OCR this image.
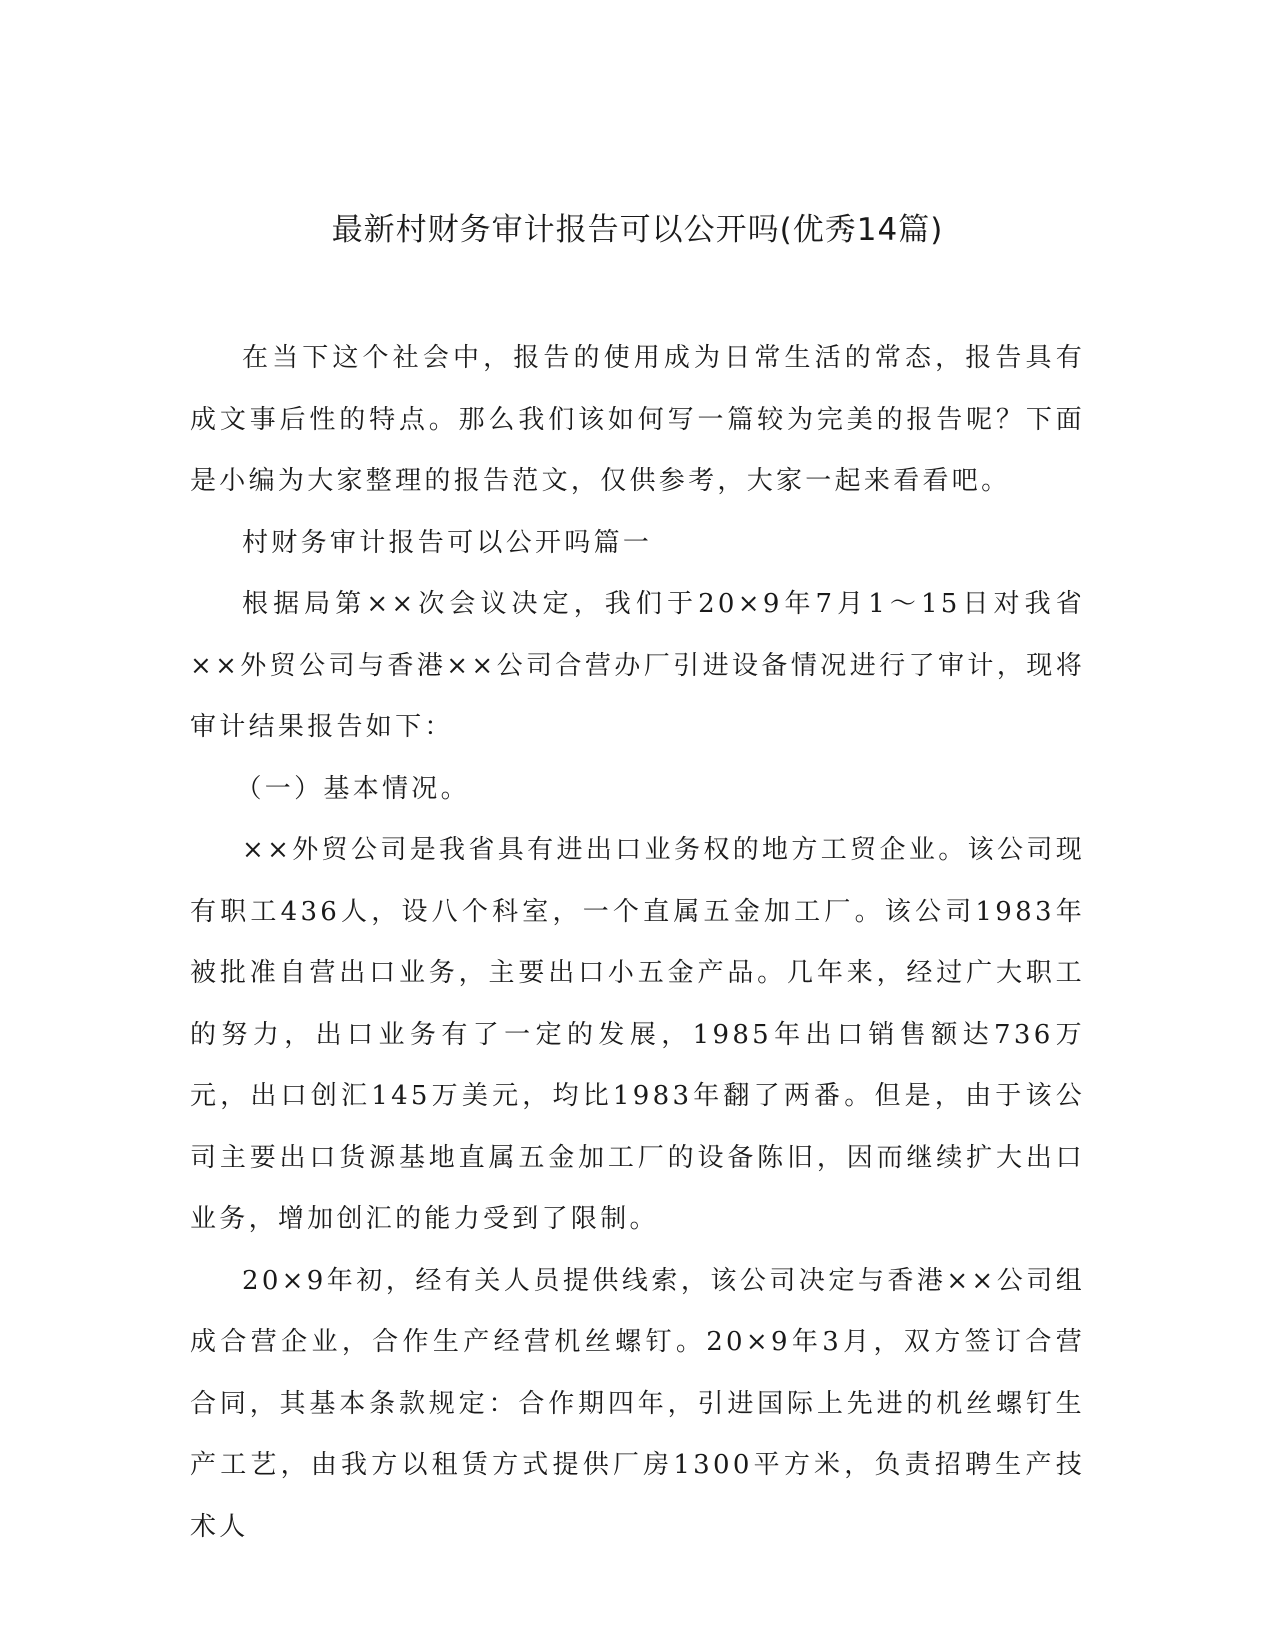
最新村财务审计报告可以公开吗(优秀14篇)

在当下这个社会中，报告的使用成为日常生活的常态，报告具有成文事后性的特点。那么我们该如何写一篇较为完美的报告呢？下面是小编为大家整理的报告范文，仅供参考，大家一起来看看吧。

村财务审计报告可以公开吗篇一

根据局第××次会议决定，我们于20×9年7月1～15日对我省××外贸公司与香港××公司合营办厂引进设备情况进行了审计，现将审计结果报告如下：

（一）基本情况。

××外贸公司是我省具有进出口业务权的地方工贸企业。该公司现有职工436人，设八个科室，一个直属五金加工厂。该公司1983年被批准自营出口业务，主要出口小五金产品。几年来，经过广大职工的努力，出口业务有了一定的发展，1985年出口销售额达736万元，出口创汇145万美元，均比1983年翻了两番。但是，由于该公司主要出口货源基地直属五金加工厂的设备陈旧，因而继续扩大出口业务，增加创汇的能力受到了限制。

20×9年初，经有关人员提供线索，该公司决定与香港××公司组成合营企业，合作生产经营机丝螺钉。20×9年3月，双方签订合营合同，其基本条款规定：合作期四年，引进国际上先进的机丝螺钉生产工艺，由我方以租赁方式提供厂房1300平方米，负责招聘生产技术人
